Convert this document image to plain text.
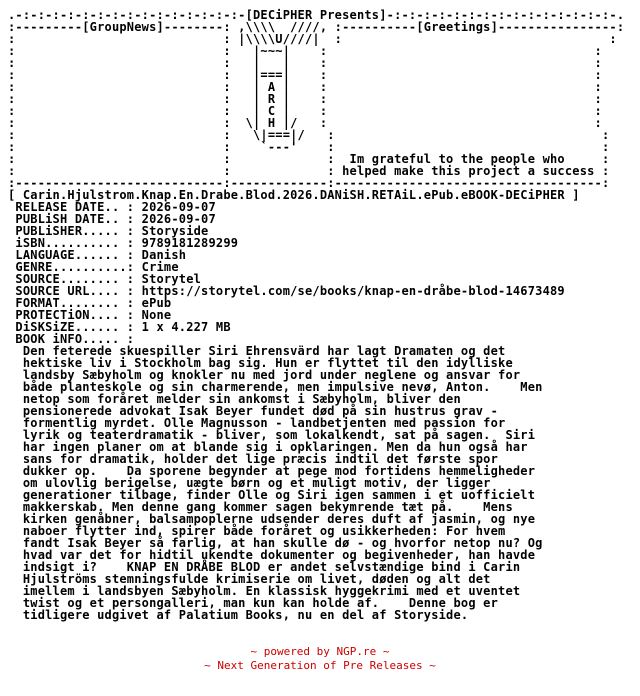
.-:-:-:-:-:-:-:-:-:-:-:-:-:-:-:-[DECiPHER Presents]-:-:-:-:-:-:-:-:-:-:-:-:-:-:-:-.
:---------[GroupNews]--------: ,\\\\  ////, :----------[Greetings]----------------:
:                            : |\\\\U////|  :                                    :
:                            :   |~~~|    :                                    :
:                            :   |   |    :                                    :
:                            :   |===|    :                                    :
:                            :   | A |    :                                    :
:                            :   | R |    :                                    :
:                            :   | C |    :                                    :
:                            :  \| H |/   :                                    :
:                            :   \|===|/   :                                    :
:                            :    `---'    :                                    :
:                            :             :  Im grateful to the people who     :
:                            :             : helped make this project a success :
:----------------------------:-------------:------------------------------------:
[ Carin.Hjulstrom.Knap.En.Drabe.Blod.2026.DANiSH.RETAiL.ePub.eBOOK-DECiPHER ]
RELEASE DATE.. : 2026-09-07
PUBLiSH DATE.. : 2026-09-07
PUBLiSHER..... : Storyside
iSBN.......... : 9789181289299
LANGUAGE...... : Danish
GENRE..........: Crime
SOURCE........ : Storytel
SOURCE URL.... : https://storytel.com/se/books/knap-en-dråbe-blod-14673489
FORMAT........ : ePub
PROTECTiON.... : None
DiSKSiZE...... : 1 x 4.227 MB
BOOK iNFO..... :
Den feterede skuespiller Siri Ehrensvärd har lagt Dramaten og det
hektiske liv i Stockholm bag sig. Hun er flyttet til den idylliske
landsby Sæbyholm og knokler nu med jord under neglene og ansvar for
både planteskole og sin charmerende, men impulsive nevø, Anton.    Men
netop som foråret melder sin ankomst i Sæbyholm, bliver den
pensionerede advokat Isak Beyer fundet død på sin hustrus grav -
formentlig myrdet. Olle Magnusson - landbetjenten med passion for
lyrik og teaterdramatik - bliver, som lokalkendt, sat på sagen.  Siri
har ingen planer om at blande sig i opklaringen. Men da hun også har
sans for dramatik, holder det lige præcis indtil det første spor
dukker op.    Da sporene begynder at pege mod fortidens hemmeligheder
om ulovlig berigelse, uægte børn og et muligt motiv, der ligger
generationer tilbage, finder Olle og Siri igen sammen i et uofficielt
makkerskab. Men denne gang kommer sagen bekymrende tæt på.    Mens
kirken genåbner, balsampoplerne udsender deres duft af jasmin, og nye
naboer flytter ind, spirer både foråret og usikkerheden: For hvem
fandt Isak Beyer så farlig, at han skulle dø - og hvorfor netop nu? Og
hvad var det for hidtil ukendte dokumenter og begivenheder, han havde
indsigt i?    KNAP EN DRÅBE BLOD er andet selvstændige bind i Carin
Hjulströms stemningsfulde krimiserie om livet, døden og alt det
imellem i landsbyen Sæbyholm. En klassisk hyggekrimi med et uventet
twist og et persongalleri, man kun kan holde af.    Denne bog er
tidligere udgivet af Palatium Books, nu en del af Storyside.
~ powered by NGP.re ~
~ Next Generation of Pre Releases ~
